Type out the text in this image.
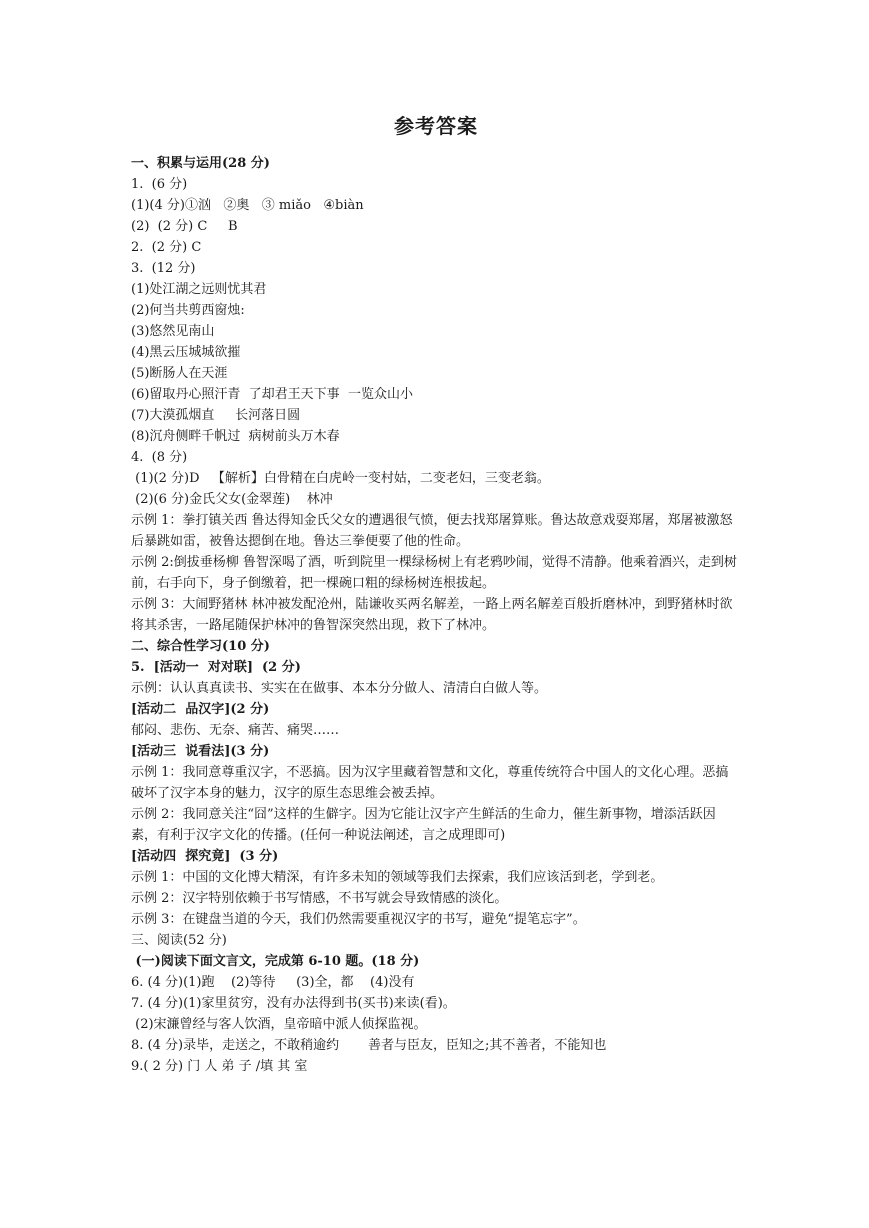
参考答案
一、积累与运用(28 分)
1.  (6 分)
(1)(4 分)①汹   ②奥   ③ miǎo   ④biàn
(2)  (2 分) C     B
2.  (2 分) C
3.  (12 分)
(1)处江湖之远则忧其君
(2)何当共剪西窗烛:
(3)悠然见南山
(4)黑云压城城欲摧
(5)断肠人在天涯
(6)留取丹心照汗青  了却君王天下事  一览众山小
(7)大漠孤烟直     长河落日圆
(8)沉舟侧畔千帆过  病树前头万木春
4.  (8 分)
(1)(2 分)D   【解析】白骨精在白虎岭一变村姑，二变老妇，三变老翁。
(2)(6 分)金氏父女(金翠莲)    林冲
示例 1：拳打镇关西 鲁达得知金氏父女的遭遇很气愤，便去找郑屠算账。鲁达故意戏耍郑屠，郑屠被激怒后暴跳如雷，被鲁达摁倒在地。鲁达三拳便要了他的性命。
示例 2:倒拔垂杨柳 鲁智深喝了酒，听到院里一棵绿杨树上有老鸦吵闹，觉得不清静。他乘着酒兴，走到树前，右手向下，身子倒缴着，把一棵碗口粗的绿杨树连根拔起。
示例 3：大闹野猪林 林冲被发配沧州，陆谦收买两名解差，一路上两名解差百般折磨林冲，到野猪林时欲将其杀害，一路尾随保护林冲的鲁智深突然出现，救下了林冲。
二、综合性学习(10 分)
5.  [活动一  对对联]  (2 分)
示例：认认真真读书、实实在在做事、本本分分做人、清清白白做人等。
[活动二  品汉字](2 分)
郁闷、悲伤、无奈、痛苦、痛哭……
[活动三  说看法](3 分)
示例 1：我同意尊重汉字，不恶搞。因为汉字里藏着智慧和文化，尊重传统符合中国人的文化心理。恶搞破坏了汉字本身的魅力，汉字的原生态思维会被丢掉。
示例 2：我同意关注“囧”这样的生僻字。因为它能让汉字产生鲜活的生命力，催生新事物，增添活跃因素，有利于汉字文化的传播。(任何一种说法阐述，言之成理即可)
[活动四  探究竟]  (3 分)
示例 1：中国的文化博大精深，有许多未知的领域等我们去探索，我们应该活到老，学到老。
示例 2：汉字特别依赖于书写情感，不书写就会导致情感的淡化。
示例 3：在键盘当道的今天，我们仍然需要重视汉字的书写，避免“提笔忘字”。
三、阅读(52 分)
(一)阅读下面文言文，完成第 6-10 题。(18 分)
6. (4 分)(1)跑    (2)等待     (3)全，都    (4)没有
7. (4 分)(1)家里贫穷，没有办法得到书(买书)来读(看)。
(2)宋濂曾经与客人饮酒，皇帝暗中派人侦探监视。
8. (4 分)录毕，走送之，不敢稍逾约       善者与臣友，臣知之;其不善者，不能知也
9.( 2 分) 门 人 弟 子 /填 其 室
